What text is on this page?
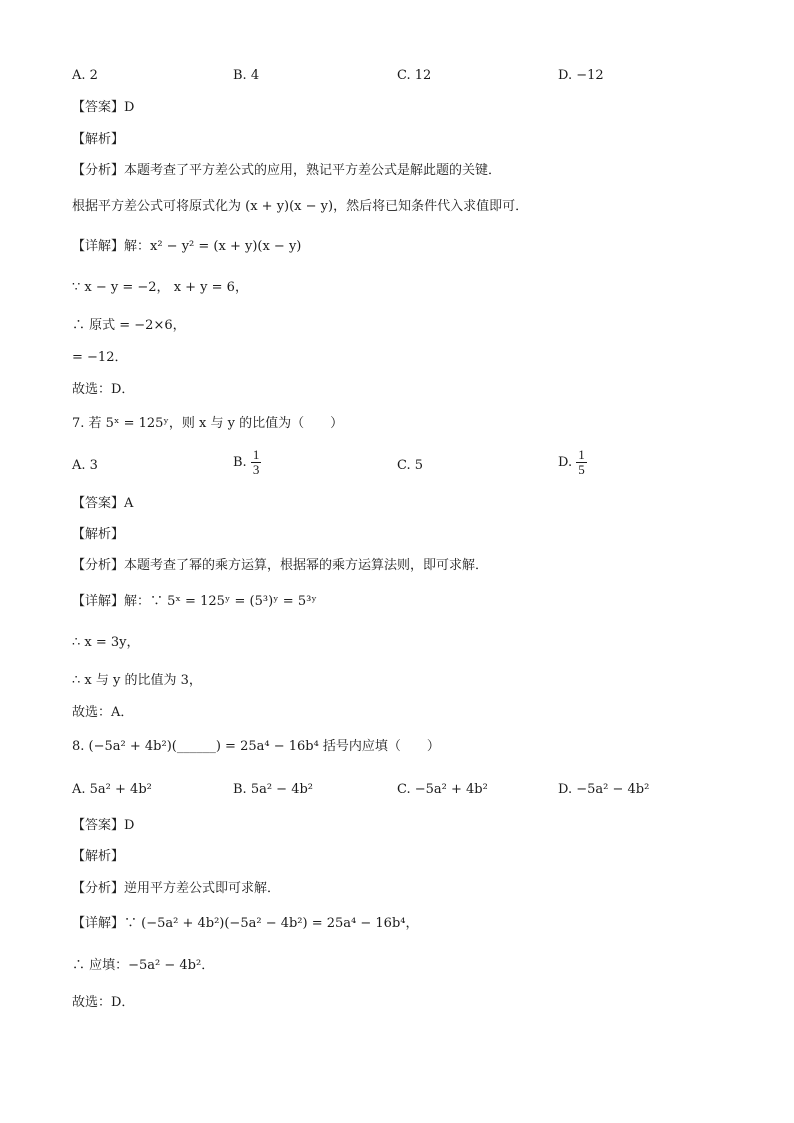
A. 2	B. 4	C. 12	D. −12
【答案】D
【解析】
【分析】本题考查了平方差公式的应用，熟记平方差公式是解此题的关键．
根据平方差公式可将原式化为 (x + y)(x − y)，然后将已知条件代入求值即可．
【详解】解：x² − y² = (x + y)(x − y)
∵ x − y = −2， x + y = 6，
∴ 原式 = −2×6，
= −12．
故选：D．
7. 若 5ˣ = 125ʸ，则 x 与 y 的比值为（　　）
A. 3	B. $\frac{1}{3}$	C. 5	D. $\frac{1}{5}$
【答案】A
【解析】
【分析】本题考查了幂的乘方运算，根据幂的乘方运算法则，即可求解．
【详解】解：∵ 5ˣ = 125ʸ = (5³)ʸ = 5³ʸ
∴ x = 3y，
∴ x 与 y 的比值为 3，
故选：A．
8. (−5a² + 4b²)(______) = 25a⁴ − 16b⁴ 括号内应填（　　）
A. 5a² + 4b²	B. 5a² − 4b²	C. −5a² + 4b²	D. −5a² − 4b²
【答案】D
【解析】
【分析】逆用平方差公式即可求解．
【详解】∵ (−5a² + 4b²)(−5a² − 4b²) = 25a⁴ − 16b⁴，
∴ 应填：−5a² − 4b²．
故选：D．
